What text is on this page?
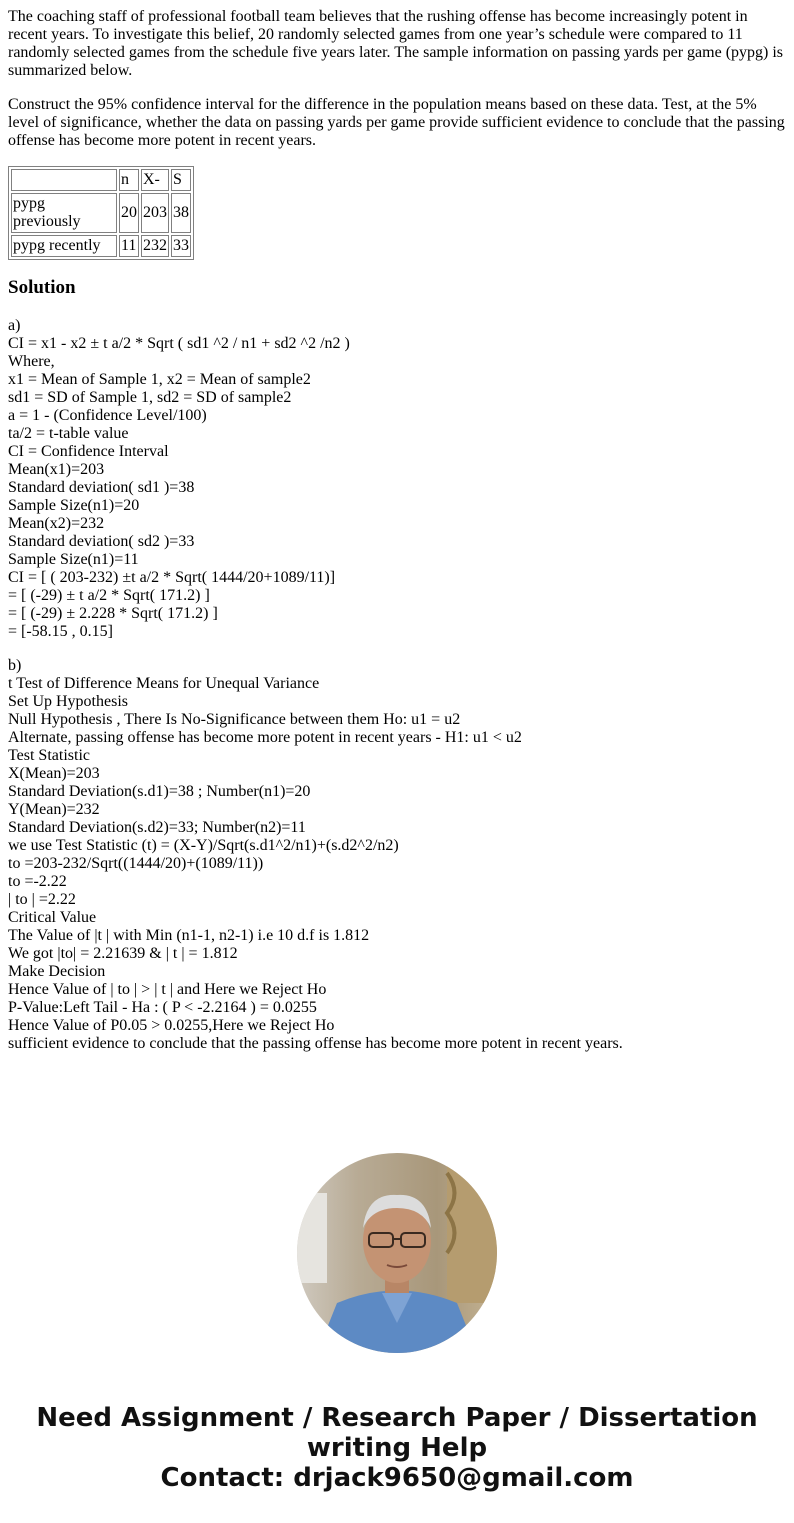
The coaching staff of professional football team believes that the rushing offense has become increasingly potent in recent years. To investigate this belief, 20 randomly selected games from one year’s schedule were compared to 11 randomly selected games from the schedule five years later. The sample information on passing yards per game (pypg) is summarized below.

Construct the 95% confidence interval for the difference in the population means based on these data. Test, at the 5% level of significance, whether the data on passing yards per game provide sufficient evidence to conclude that the passing offense has become more potent in recent years.

	n	X-	S
pypg previously	20	203	38
pypg recently	11	232	33
Solution
a)
CI = x1 - x2 ± t a/2 * Sqrt ( sd1 ^2 / n1 + sd2 ^2 /n2 )
Where,
x1 = Mean of Sample 1, x2 = Mean of sample2
sd1 = SD of Sample 1, sd2 = SD of sample2
a = 1 - (Confidence Level/100)
ta/2 = t-table value
CI = Confidence Interval
Mean(x1)=203
Standard deviation( sd1 )=38
Sample Size(n1)=20
Mean(x2)=232
Standard deviation( sd2 )=33
Sample Size(n1)=11
CI = [ ( 203-232) ±t a/2 * Sqrt( 1444/20+1089/11)]
= [ (-29) ± t a/2 * Sqrt( 171.2) ]
= [ (-29) ± 2.228 * Sqrt( 171.2) ]
= [-58.15 , 0.15]
b)
t Test of Difference Means for Unequal Variance
Set Up Hypothesis
Null Hypothesis , There Is No-Significance between them Ho: u1 = u2
Alternate, passing offense has become more potent in recent years - H1: u1 < u2
Test Statistic
X(Mean)=203
Standard Deviation(s.d1)=38 ; Number(n1)=20
Y(Mean)=232
Standard Deviation(s.d2)=33; Number(n2)=11
we use Test Statistic (t) = (X-Y)/Sqrt(s.d1^2/n1)+(s.d2^2/n2)
to =203-232/Sqrt((1444/20)+(1089/11))
to =-2.22
| to | =2.22
Critical Value
The Value of |t | with Min (n1-1, n2-1) i.e 10 d.f is 1.812
We got |to| = 2.21639 & | t | = 1.812
Make Decision
Hence Value of | to | > | t | and Here we Reject Ho
P-Value:Left Tail - Ha : ( P < -2.2164 ) = 0.0255
Hence Value of P0.05 > 0.0255,Here we Reject Ho
sufficient evidence to conclude that the passing offense has become more potent in recent years.
Need Assignment / Research Paper / Dissertation
writing Help
Contact: drjack9650@gmail.com
